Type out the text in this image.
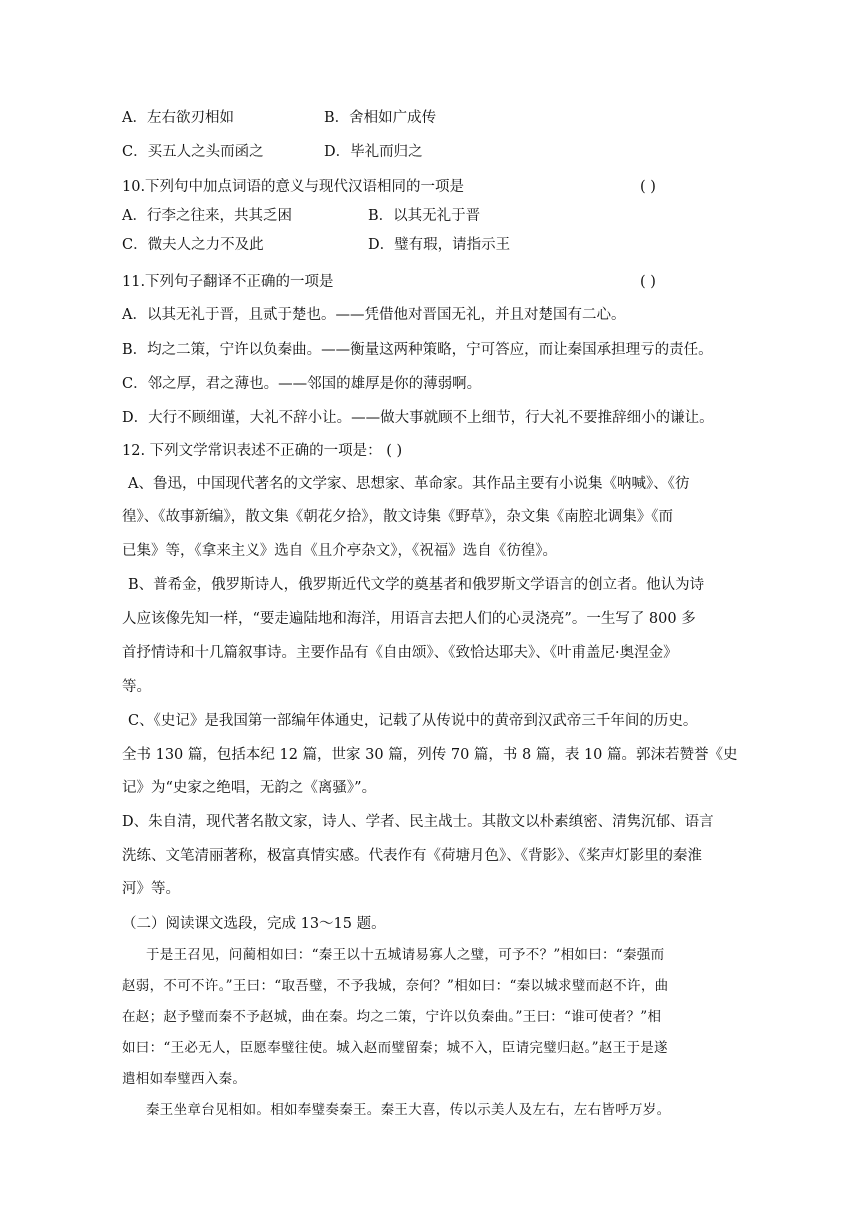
A．左右欲刃相如	B．舍相如广成传
C．买五人之头而函之	D．毕礼而归之
10.下列句中加点词语的意义与现代汉语相同的一项是	( )
A．行李之往来，共其乏困	B．以其无礼于晋
C．微夫人之力不及此	D．璧有瑕，请指示王
11.下列句子翻译不正确的一项是	( )
A．以其无礼于晋，且贰于楚也。——凭借他对晋国无礼，并且对楚国有二心。
B．均之二策，宁许以负秦曲。——衡量这两种策略，宁可答应，而让秦国承担理亏的责任。
C．邻之厚，君之薄也。——邻国的雄厚是你的薄弱啊。
D．大行不顾细谨，大礼不辞小让。——做大事就顾不上细节，行大礼不要推辞细小的谦让。
12. 下列文学常识表述不正确的一项是： ( )
A、鲁迅，中国现代著名的文学家、思想家、革命家。其作品主要有小说集《呐喊》、《彷
徨》、《故事新编》，散文集《朝花夕拾》，散文诗集《野草》，杂文集《南腔北调集》《而
已集》等，《拿来主义》选自《且介亭杂文》，《祝福》选自《彷徨》。
B、普希金，俄罗斯诗人，俄罗斯近代文学的奠基者和俄罗斯文学语言的创立者。他认为诗
人应该像先知一样，“要走遍陆地和海洋，用语言去把人们的心灵浇亮”。一生写了 800 多
首抒情诗和十几篇叙事诗。主要作品有《自由颂》、《致恰达耶夫》、《叶甫盖尼·奥涅金》
等。
C、《史记》是我国第一部编年体通史，记载了从传说中的黄帝到汉武帝三千年间的历史。
全书 130 篇，包括本纪 12 篇，世家 30 篇，列传 70 篇，书 8 篇，表 10 篇。郭沫若赞誉《史
记》为“史家之绝唱，无韵之《离骚》”。
D、朱自清，现代著名散文家，诗人、学者、民主战士。其散文以朴素缜密、清隽沉郁、语言
洗练、文笔清丽著称，极富真情实感。代表作有《荷塘月色》、《背影》、《桨声灯影里的秦淮
河》等。
（二）阅读课文选段，完成 13～15 题。
于是王召见，问蔺相如曰：“秦王以十五城请易寡人之璧，可予不？”相如曰：“秦强而
赵弱，不可不许。”王曰：“取吾璧，不予我城，奈何？”相如曰：“秦以城求璧而赵不许，曲
在赵；赵予璧而秦不予赵城，曲在秦。均之二策，宁许以负秦曲。”王曰：“谁可使者？”相
如曰：“王必无人，臣愿奉璧往使。城入赵而璧留秦；城不入，臣请完璧归赵。”赵王于是遂
遣相如奉璧西入秦。
秦王坐章台见相如。相如奉璧奏秦王。秦王大喜，传以示美人及左右，左右皆呼万岁。
